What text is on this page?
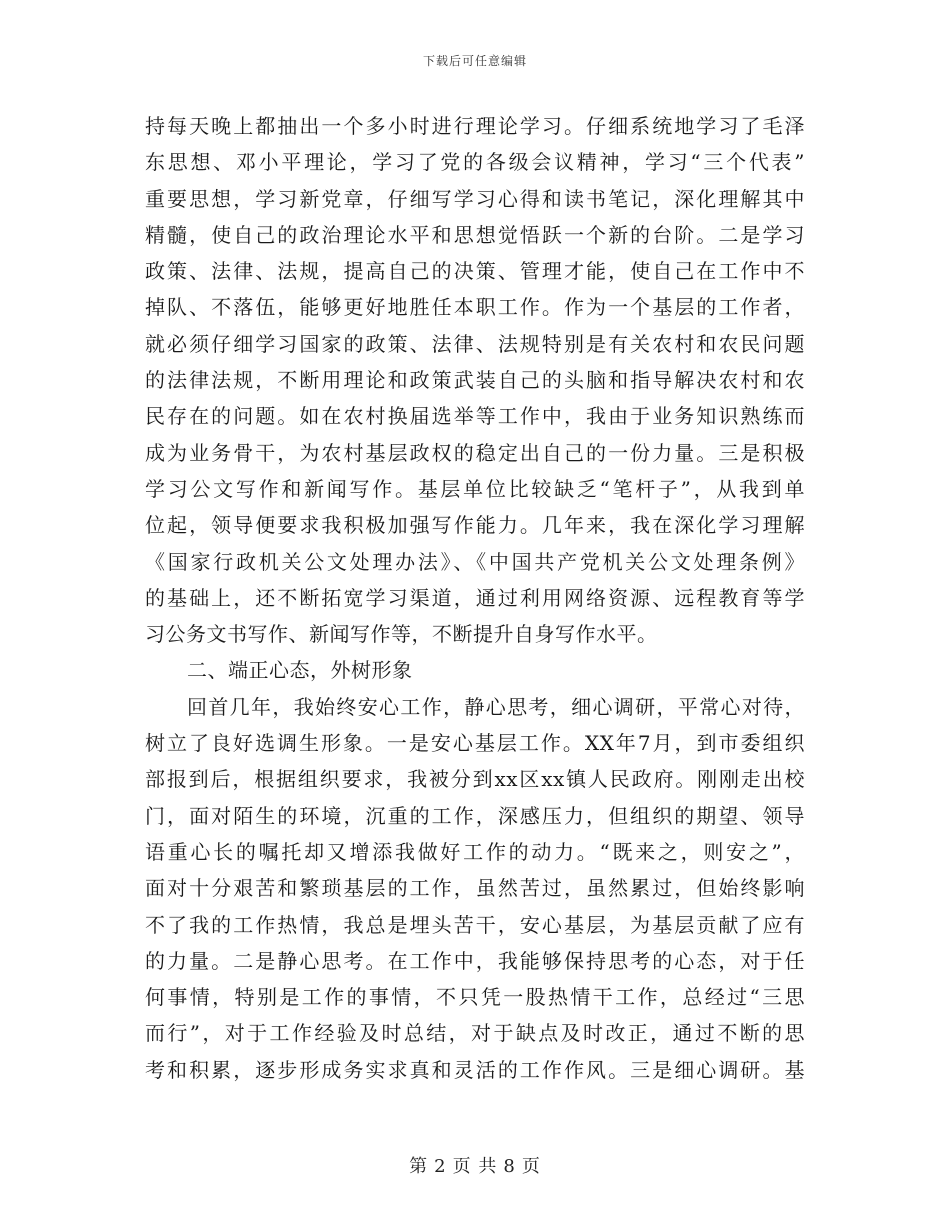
下载后可任意编辑
持每天晚上都抽出一个多小时进行理论学习。仔细系统地学习了毛泽
东思想、邓小平理论，学习了党的各级会议精神，学习“三个代表”
重要思想，学习新党章，仔细写学习心得和读书笔记，深化理解其中
精髓，使自己的政治理论水平和思想觉悟跃一个新的台阶。二是学习
政策、法律、法规，提高自己的决策、管理才能，使自己在工作中不
掉队、不落伍，能够更好地胜任本职工作。作为一个基层的工作者，
就必须仔细学习国家的政策、法律、法规特别是有关农村和农民问题
的法律法规，不断用理论和政策武装自己的头脑和指导解决农村和农
民存在的问题。如在农村换届选举等工作中，我由于业务知识熟练而
成为业务骨干，为农村基层政权的稳定出自己的一份力量。三是积极
学习公文写作和新闻写作。基层单位比较缺乏“笔杆子”，从我到单
位起，领导便要求我积极加强写作能力。几年来，我在深化学习理解
《国家行政机关公文处理办法》、《中国共产党机关公文处理条例》
的基础上，还不断拓宽学习渠道，通过利用网络资源、远程教育等学
习公务文书写作、新闻写作等，不断提升自身写作水平。
二、端正心态，外树形象
回首几年，我始终安心工作，静心思考，细心调研，平常心对待，
树立了良好选调生形象。一是安心基层工作。XX年7月，到市委组织
部报到后，根据组织要求，我被分到xx区xx镇人民政府。刚刚走出校
门，面对陌生的环境，沉重的工作，深感压力，但组织的期望、领导
语重心长的嘱托却又增添我做好工作的动力。“既来之，则安之”，
面对十分艰苦和繁琐基层的工作，虽然苦过，虽然累过，但始终影响
不了我的工作热情，我总是埋头苦干，安心基层，为基层贡献了应有
的力量。二是静心思考。在工作中，我能够保持思考的心态，对于任
何事情，特别是工作的事情，不只凭一股热情干工作，总经过“三思
而行”，对于工作经验及时总结，对于缺点及时改正，通过不断的思
考和积累，逐步形成务实求真和灵活的工作作风。三是细心调研。基
第 2 页 共 8 页
